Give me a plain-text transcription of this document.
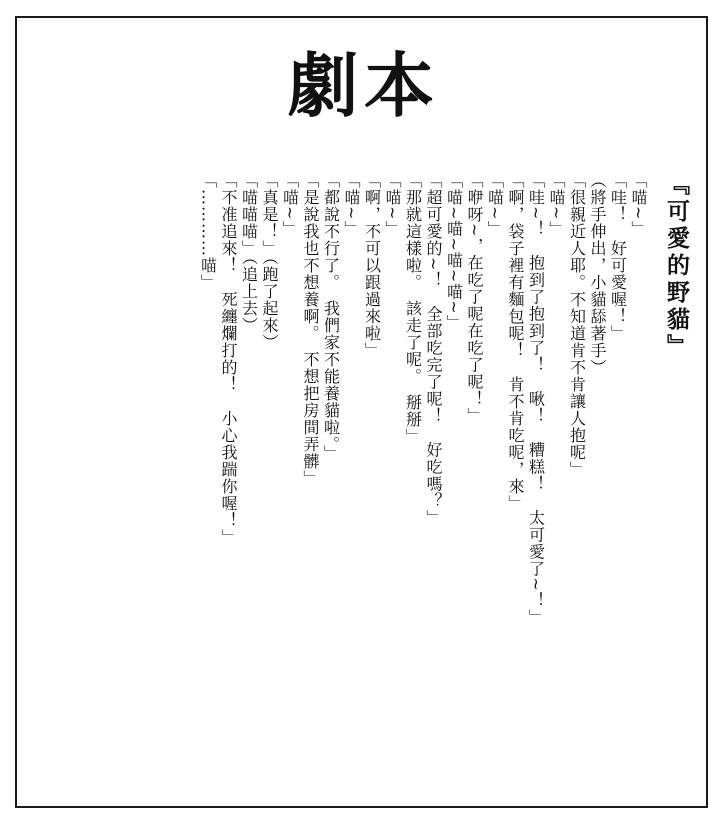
劇本
『可愛的野貓』
「喵~」
「哇！　好可愛喔！」
（將手伸出，小貓舔著手）
「很親近人耶。不知道肯不肯讓人抱呢」
「喵~」
「哇~！　抱到了抱到了！　啾！　糟糕！　太可愛了~！」
「啊，袋子裡有麵包呢！　肯不肯吃呢，來」
「喵~」
「咿呀~，在吃了呢在吃了呢！」
「喵~喵~喵~喵~」
「超可愛的~！　全部吃完了呢！　好吃嗎？」
「那就這樣啦。　該走了呢。　掰掰」
「喵~」
「啊，不可以跟過來啦」
「喵~」
「都說不行了。　我們家不能養貓啦。」
「是說我也不想養啊。　不想把房間弄髒」
「喵~」
「真是！」（跑了起來）
「喵喵喵」（追上去）
「不准追來！　死纏爛打的！　小心我踹你喔！」
「…………喵」
